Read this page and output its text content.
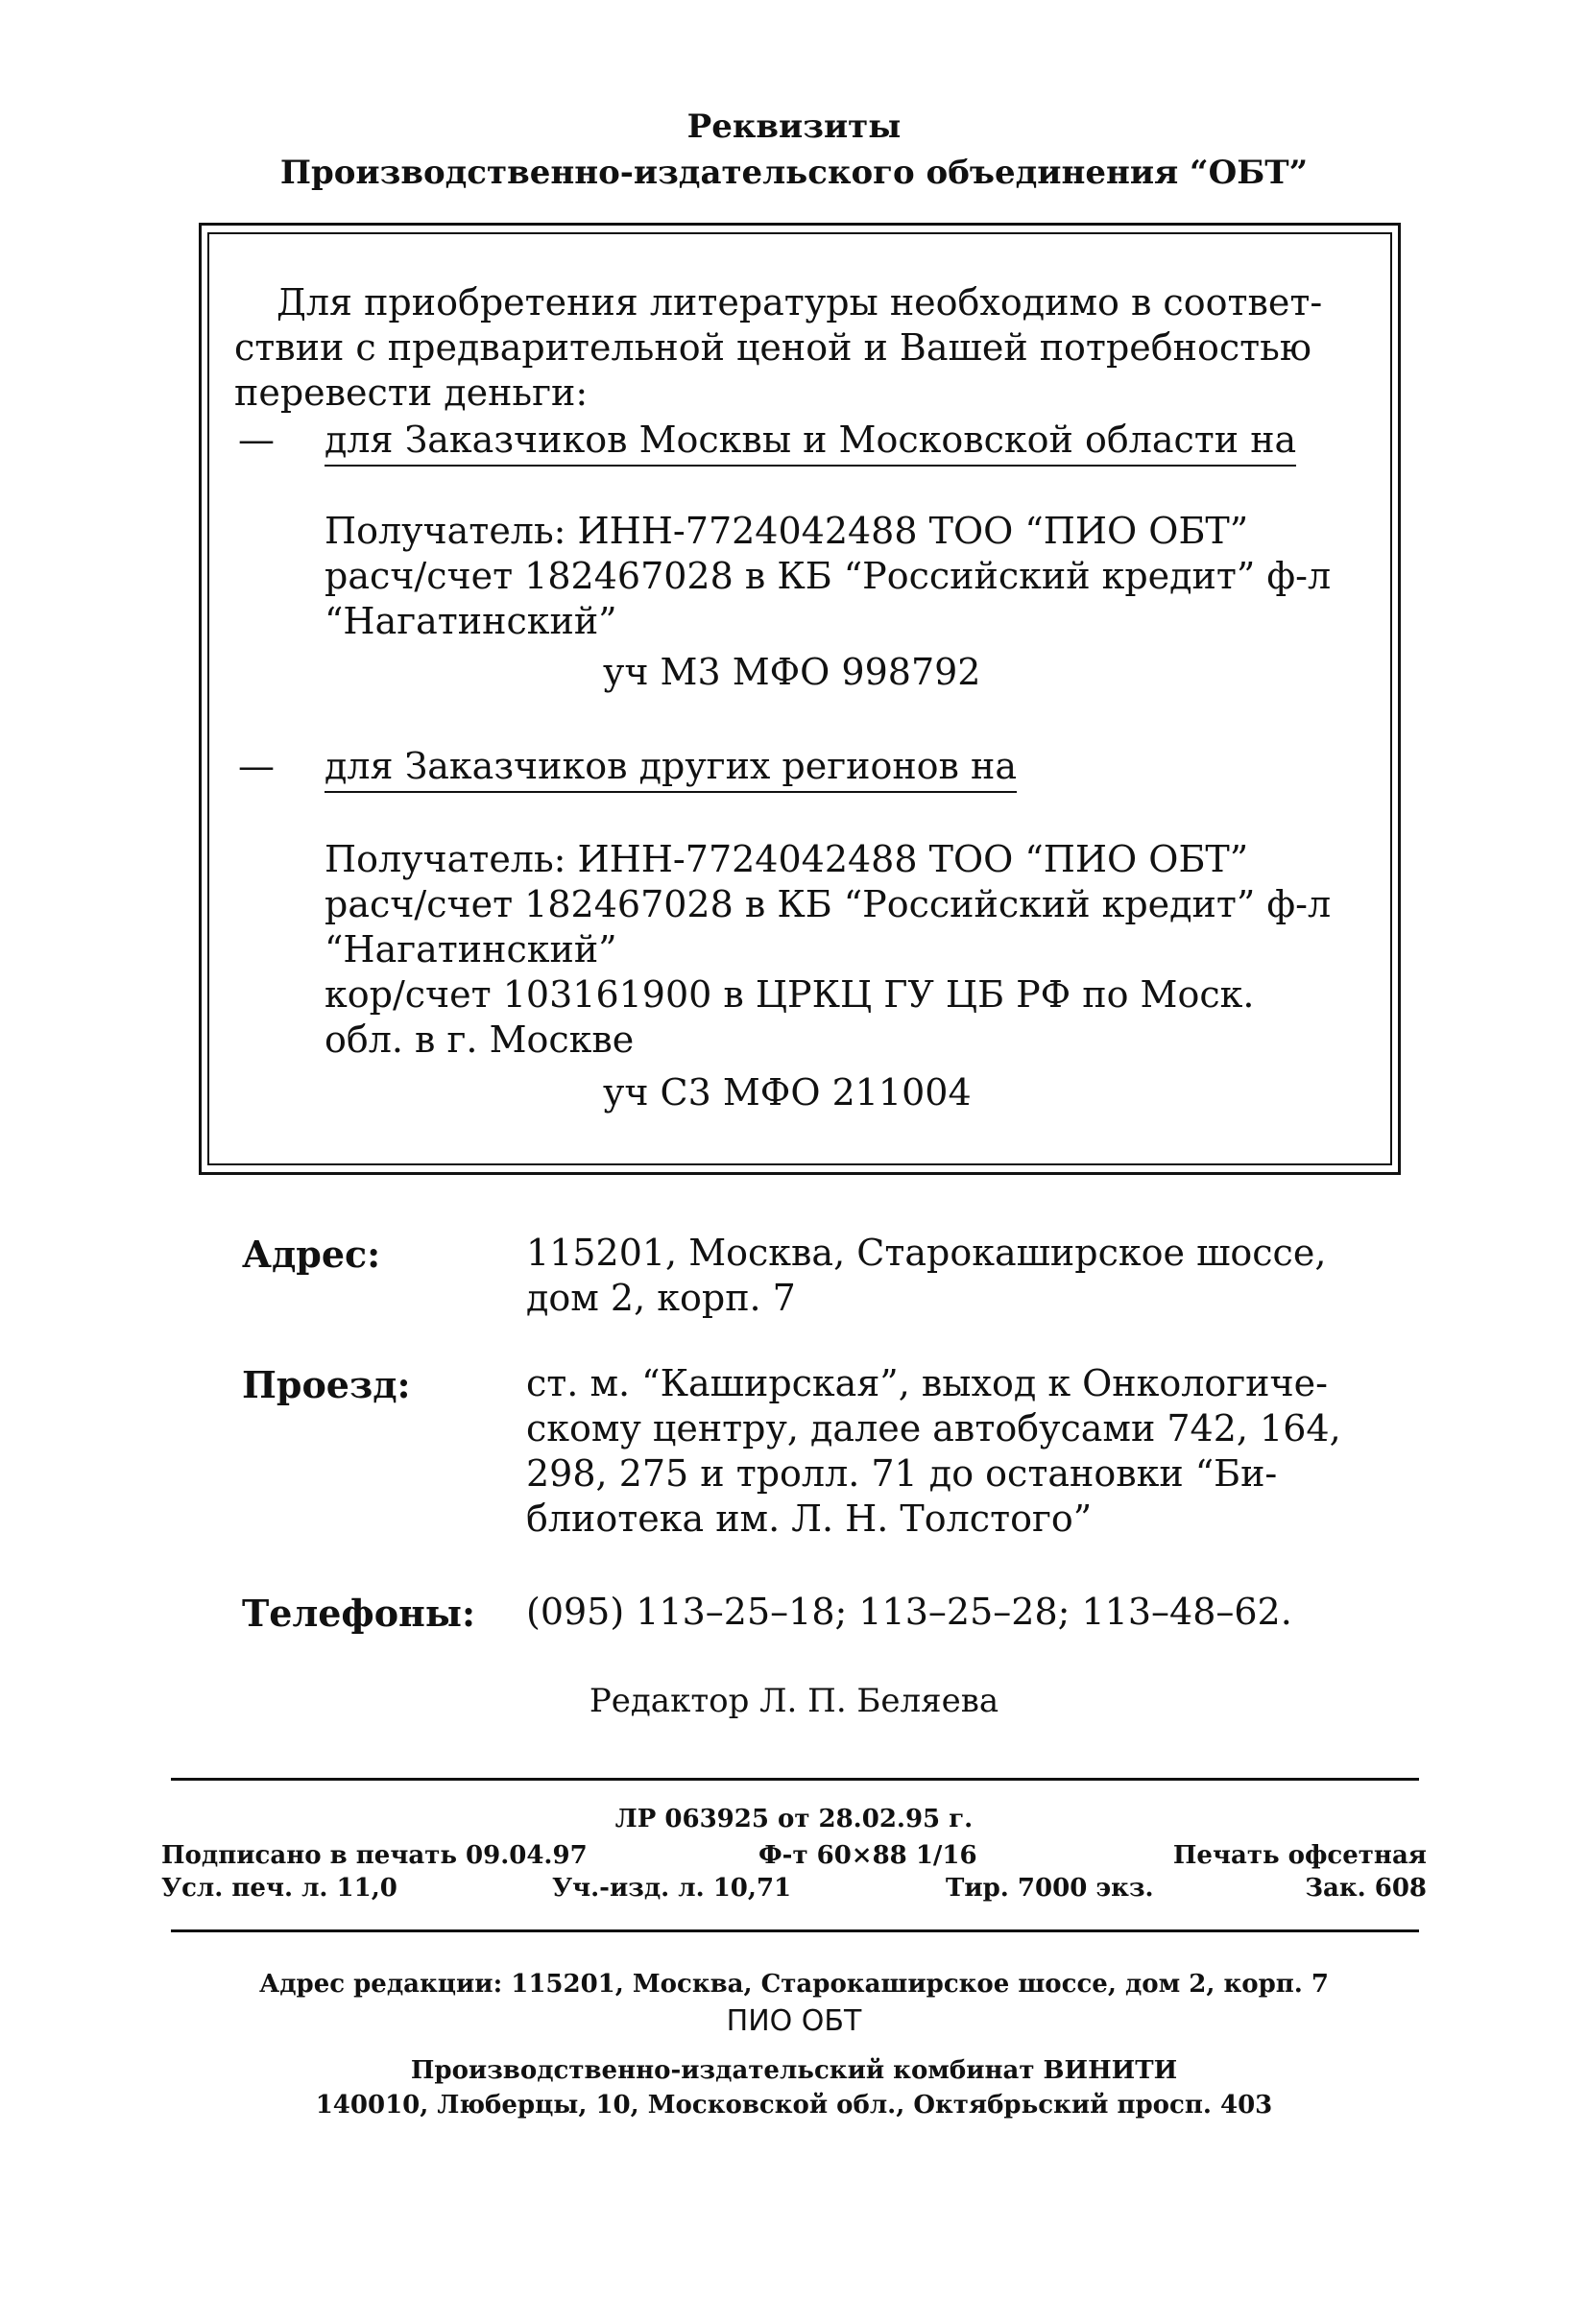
Реквизиты
Производственно-издательского объединения “ОБТ”
Для приобретения литературы необходимо в соответ-
ствии с предварительной ценой и Вашей потребностью
перевести деньги:
— для Заказчиков Москвы и Московской области на
Получатель: ИНН-7724042488 ТОО “ПИО ОБТ”
расч/счет 182467028 в КБ “Российский кредит” ф-л
“Нагатинский”
уч М3 МФО 998792
— для Заказчиков других регионов на
Получатель: ИНН-7724042488 ТОО “ПИО ОБТ”
расч/счет 182467028 в КБ “Российский кредит” ф-л
“Нагатинский”
кор/счет 103161900 в ЦРКЦ ГУ ЦБ РФ по Моск.
обл. в г. Москве
уч С3 МФО 211004
Адрес:	115201, Москва, Старокаширское шоссе,
дом 2, корп. 7
Проезд:	ст. м. “Каширская”, выход к Онкологиче-
скому центру, далее автобусами 742, 164,
298, 275 и тролл. 71 до остановки “Би-
блиотека им. Л. Н. Толстого”
Телефоны: (095) 113–25–18; 113–25–28; 113–48–62.
Редактор Л. П. Беляева
ЛР 063925 от 28.02.95 г.
Подписано в печать 09.04.97	Ф-т 60×88 1/16	Печать офсетная
Усл. печ. л. 11,0	Уч.-изд. л. 10,71	Тир. 7000 экз.	Зак. 608
Адрес редакции: 115201, Москва, Старокаширское шоссе, дом 2, корп. 7
ПИО ОБТ
Производственно-издательский комбинат ВИНИТИ
140010, Люберцы, 10, Московской обл., Октябрьский просп. 403
